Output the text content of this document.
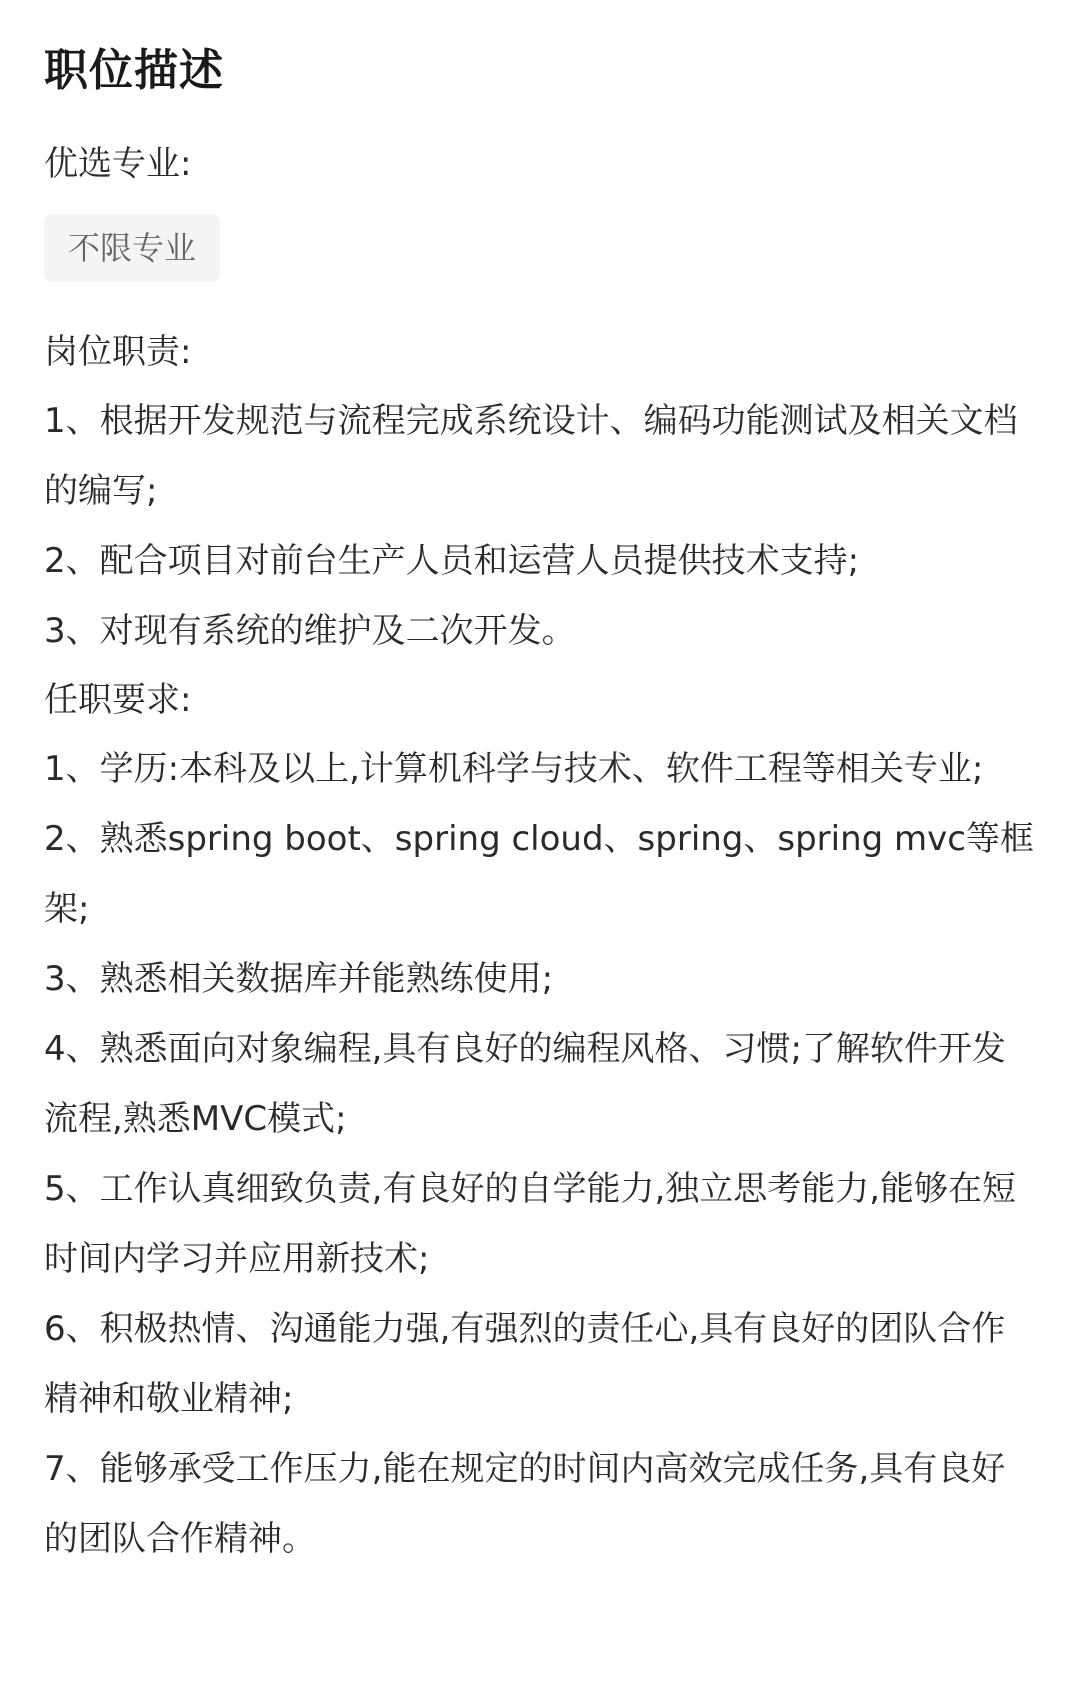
职位描述
优选专业:
不限专业
岗位职责:
1、根据开发规范与流程完成系统设计、编码功能测试及相关文档的编写;
2、配合项目对前台生产人员和运营人员提供技术支持;
3、对现有系统的维护及二次开发。
任职要求:
1、学历:本科及以上,计算机科学与技术、软件工程等相关专业;
2、熟悉spring boot、spring cloud、spring、spring mvc等框架;
3、熟悉相关数据库并能熟练使用;
4、熟悉面向对象编程,具有良好的编程风格、习惯;了解软件开发流程,熟悉MVC模式;
5、工作认真细致负责,有良好的自学能力,独立思考能力,能够在短时间内学习并应用新技术;
6、积极热情、沟通能力强,有强烈的责任心,具有良好的团队合作精神和敬业精神;
7、能够承受工作压力,能在规定的时间内高效完成任务,具有良好的团队合作精神。
